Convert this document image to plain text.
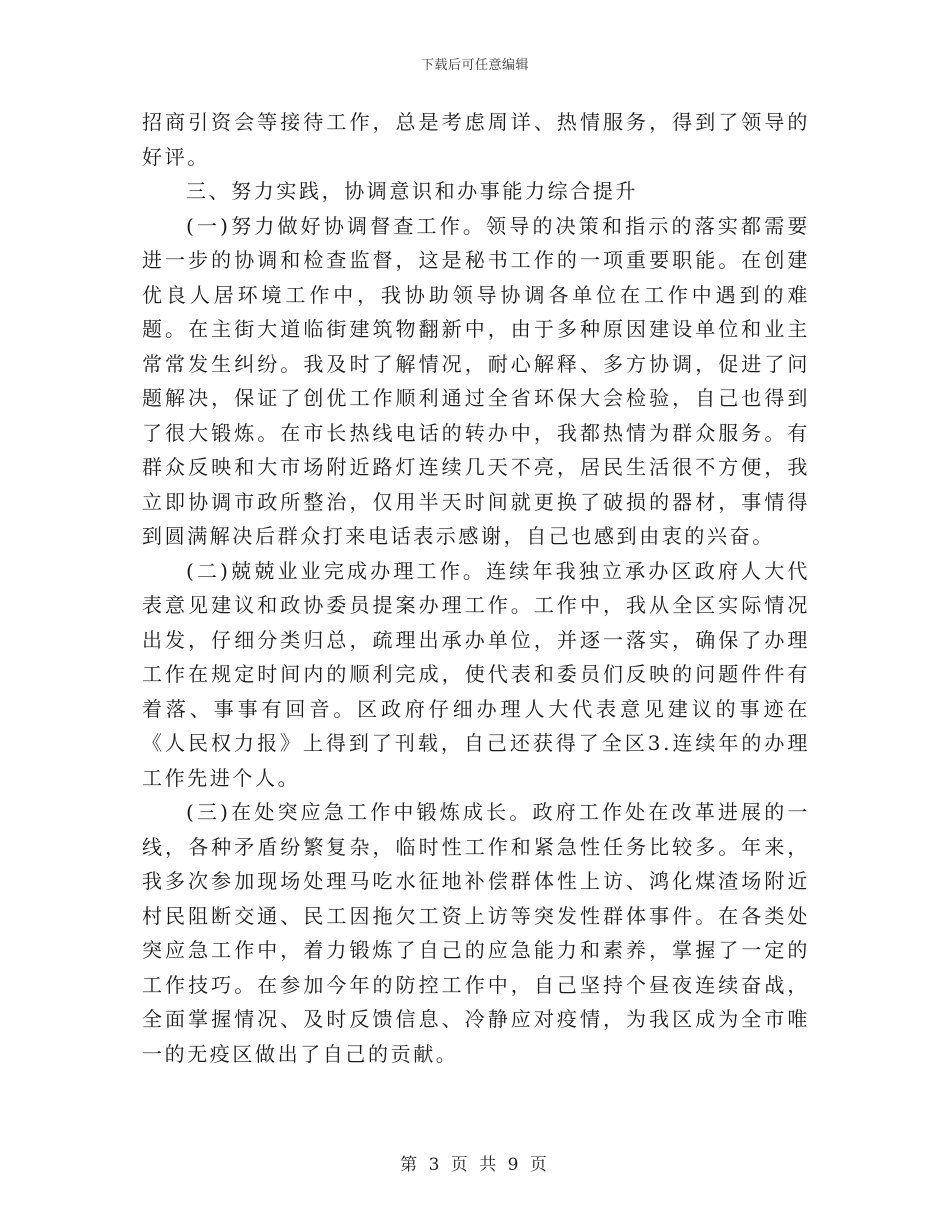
下载后可任意编辑

招商引资会等接待工作，总是考虑周详、热情服务，得到了领导的好评。

三、努力实践，协调意识和办事能力综合提升

(一)努力做好协调督查工作。领导的决策和指示的落实都需要进一步的协调和检查监督，这是秘书工作的一项重要职能。在创建优良人居环境工作中，我协助领导协调各单位在工作中遇到的难题。在主街大道临街建筑物翻新中，由于多种原因建设单位和业主常常发生纠纷。我及时了解情况，耐心解释、多方协调，促进了问题解决，保证了创优工作顺利通过全省环保大会检验，自己也得到了很大锻炼。在市长热线电话的转办中，我都热情为群众服务。有群众反映和大市场附近路灯连续几天不亮，居民生活很不方便，我立即协调市政所整治，仅用半天时间就更换了破损的器材，事情得到圆满解决后群众打来电话表示感谢，自己也感到由衷的兴奋。

(二)兢兢业业完成办理工作。连续年我独立承办区政府人大代表意见建议和政协委员提案办理工作。工作中，我从全区实际情况出发，仔细分类归总，疏理出承办单位，并逐一落实，确保了办理工作在规定时间内的顺利完成，使代表和委员们反映的问题件件有着落、事事有回音。区政府仔细办理人大代表意见建议的事迹在《人民权力报》上得到了刊载，自己还获得了全区3.连续年的办理工作先进个人。

(三)在处突应急工作中锻炼成长。政府工作处在改革进展的一线，各种矛盾纷繁复杂，临时性工作和紧急性任务比较多。年来，我多次参加现场处理马吃水征地补偿群体性上访、鸿化煤渣场附近村民阻断交通、民工因拖欠工资上访等突发性群体事件。在各类处突应急工作中，着力锻炼了自己的应急能力和素养，掌握了一定的工作技巧。在参加今年的防控工作中，自己坚持个昼夜连续奋战，全面掌握情况、及时反馈信息、冷静应对疫情，为我区成为全市唯一的无疫区做出了自己的贡献。

第 3 页 共 9 页
